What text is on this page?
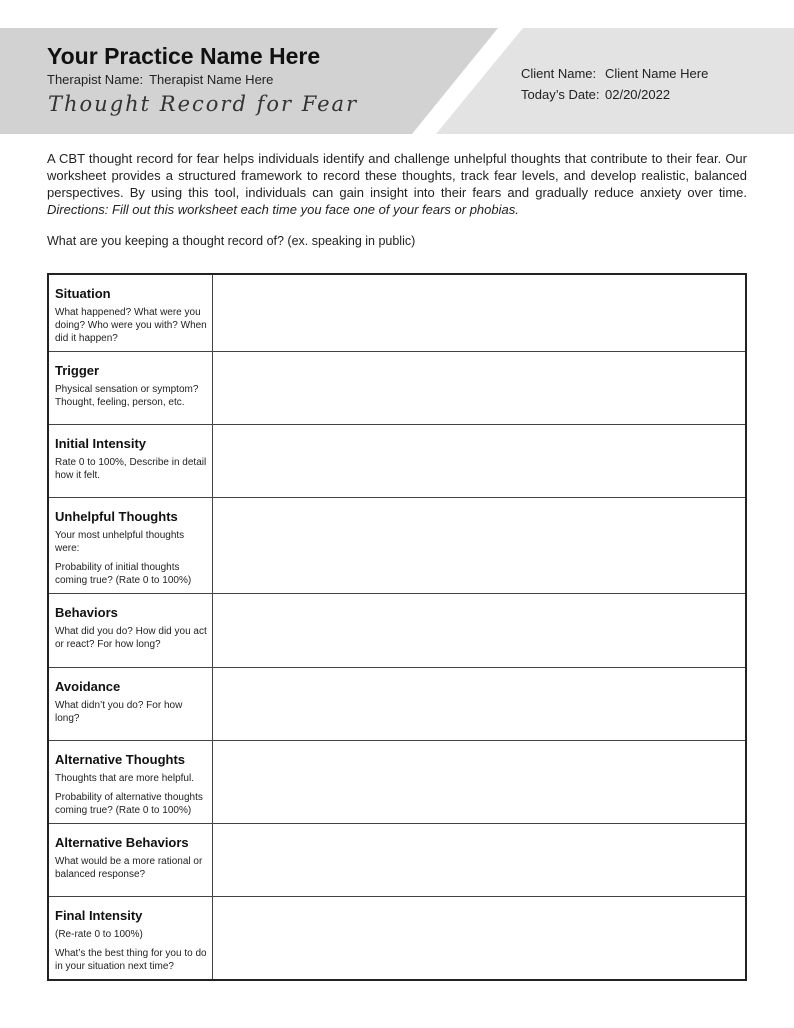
Your Practice Name Here
Therapist Name: Therapist Name Here
Thought Record for Fear
Client Name: Client Name Here
Today’s Date: 02/20/2022
A CBT thought record for fear helps individuals identify and challenge unhelpful thoughts that contribute to their fear. Our worksheet provides a structured framework to record these thoughts, track fear levels, and develop realistic, balanced perspectives. By using this tool, individuals can gain insight into their fears and gradually reduce anxiety over time. Directions: Fill out this worksheet each time you face one of your fears or phobias.
What are you keeping a thought record of? (ex. speaking in public)
Situation
What happened? What were you doing? Who were you with? When did it happen?
Trigger
Physical sensation or symptom? Thought, feeling, person, etc.
Initial Intensity
Rate 0 to 100%, Describe in detail how it felt.
Unhelpful Thoughts
Your most unhelpful thoughts were:
Probability of initial thoughts coming true? (Rate 0 to 100%)
Behaviors
What did you do? How did you act or react? For how long?
Avoidance
What didn’t you do? For how long?
Alternative Thoughts
Thoughts that are more helpful.
Probability of alternative thoughts coming true? (Rate 0 to 100%)
Alternative Behaviors
What would be a more rational or balanced response?
Final Intensity
(Re-rate 0 to 100%)
What’s the best thing for you to do in your situation next time?
